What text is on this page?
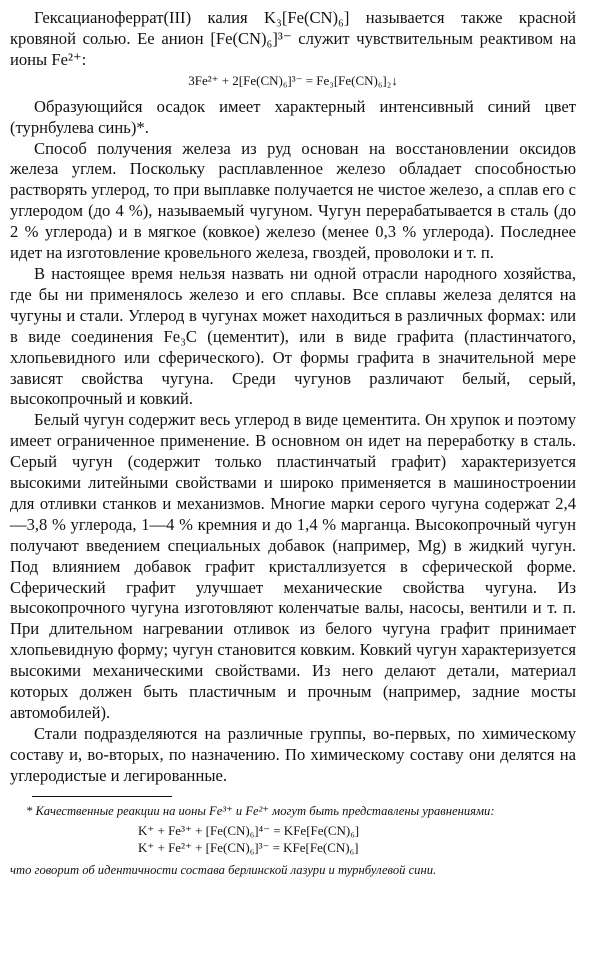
Гексацианоферрат(III) калия K₃[Fe(CN)₆] называется также красной кровяной солью. Ее анион [Fe(CN)₆]³⁻ служит чувствительным реактивом на ионы Fe²⁺:

3Fe²⁺ + 2[Fe(CN)₆]³⁻ = Fe₃[Fe(CN)₆]₂↓

Образующийся осадок имеет характерный интенсивный синий цвет (турнбулева синь)*.

Способ получения железа из руд основан на восстановлении оксидов железа углем. Поскольку расплавленное железо обладает способностью растворять углерод, то при выплавке получается не чистое железо, а сплав его с углеродом (до 4 %), называемый чугуном. Чугун перерабатывается в сталь (до 2 % углерода) и в мягкое (ковкое) железо (менее 0,3 % углерода). Последнее идет на изготовление кровельного железа, гвоздей, проволоки и т. п.

В настоящее время нельзя назвать ни одной отрасли народного хозяйства, где бы ни применялось железо и его сплавы. Все сплавы железа делятся на чугуны и стали. Углерод в чугунах может находиться в различных формах: или в виде соединения Fe₃C (цементит), или в виде графита (пластинчатого, хлопьевидного или сферического). От формы графита в значительной мере зависят свойства чугуна. Среди чугунов различают белый, серый, высокопрочный и ковкий.

Белый чугун содержит весь углерод в виде цементита. Он хрупок и поэтому имеет ограниченное применение. В основном он идет на переработку в сталь. Серый чугун (содержит только пластинчатый графит) характеризуется высокими литейными свойствами и широко применяется в машиностроении для отливки станков и механизмов. Многие марки серого чугуна содержат 2,4—3,8 % углерода, 1—4 % кремния и до 1,4 % марганца. Высокопрочный чугун получают введением специальных добавок (например, Mg) в жидкий чугун. Под влиянием добавок графит кристаллизуется в сферической форме. Сферический графит улучшает механические свойства чугуна. Из высокопрочного чугуна изготовляют коленчатые валы, насосы, вентили и т. п. При длительном нагревании отливок из белого чугуна графит принимает хлопьевидную форму; чугун становится ковким. Ковкий чугун характеризуется высокими механическими свойствами. Из него делают детали, материал которых должен быть пластичным и прочным (например, задние мосты автомобилей).

Стали подразделяются на различные группы, во-первых, по химическому составу и, во-вторых, по назначению. По химическому составу они делятся на углеродистые и легированные.

* Качественные реакции на ионы Fe³⁺ и Fe²⁺ могут быть представлены уравнениями:

K⁺ + Fe³⁺ + [Fe(CN)₆]⁴⁻ = KFe[Fe(CN)₆]
K⁺ + Fe²⁺ + [Fe(CN)₆]³⁻ = KFe[Fe(CN)₆]

что говорит об идентичности состава берлинской лазури и турнбулевой сини.
